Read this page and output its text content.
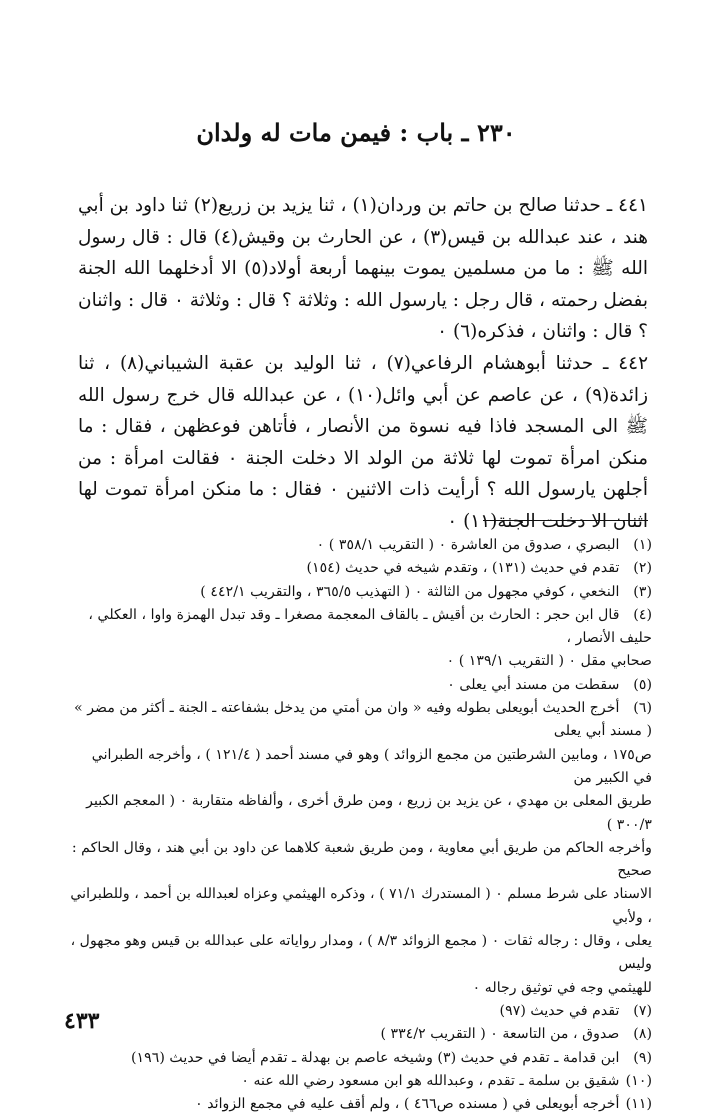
٢٣٠ ـ باب : فيمن مات له ولدان

٤٤١ ـ حدثنا صالح بن حاتم بن وردان(١) ، ثنا يزيد بن زريع(٢) ثنا داود بن أبي هند ، عند عبدالله بن قيس(٣) ، عن الحارث بن وقيش(٤) قال : قال رسول الله ﷺ : ما من مسلمين يموت بينهما أربعة أولاد(٥) الا أدخلهما الله الجنة بفضل رحمته ، قال رجل : يارسول الله : وثلاثة ؟ قال : وثلاثة ٠ قال : واثنان ؟ قال : واثنان ، فذكره(٦) ٠

٤٤٢ ـ حدثنا أبوهشام الرفاعي(٧) ، ثنا الوليد بن عقبة الشيباني(٨) ، ثنا زائدة(٩) ، عن عاصم عن أبي وائل(١٠) ، عن عبدالله قال خرج رسول الله ﷺ الى المسجد فاذا فيه نسوة من الأنصار ، فأتاهن فوعظهن ، فقال : ما منكن امرأة تموت لها ثلاثة من الولد الا دخلت الجنة ٠ فقالت امرأة : من أجلهن يارسول الله ؟ أرأيت ذات الاثنين ٠ فقال : ما منكن امرأة تموت لها اثنان الا دخلت الجنة(١١) ٠

(١) البصري ، صدوق من العاشرة ٠ ( التقريب ٣٥٨/١ ) ٠
(٢) تقدم في حديث (١٣١) ، وتقدم شيخه في حديث (١٥٤)
(٣) النخعي ، كوفي مجهول من الثالثة ٠ ( التهذيب ٣٦٥/٥ ، والتقريب ٤٤٢/١ )
(٤) قال ابن حجر : الحارث بن أقيش ـ بالقاف المعجمة مصغرا ـ وقد تبدل الهمزة واوا ، العكلي ، حليف الأنصار ،
صحابي مقل ٠ ( التقريب ١٣٩/١ ) ٠
(٥) سقطت من مسند أبي يعلى ٠
(٦) أخرج الحديث أبويعلى بطوله وفيه « وان من أمتي من يدخل بشفاعته ـ الجنة ـ أكثر من مضر » ( مسند أبي يعلى
ص١٧٥ ، ومابين الشرطتين من مجمع الزوائد ) وهو في مسند أحمد ( ١٢١/٤ ) ، وأخرجه الطبراني في الكبير من
طريق المعلى بن مهدي ، عن يزيد بن زريع ، ومن طرق أخرى ، وألفاظه متقاربة ٠ ( المعجم الكبير ٣٠٠/٣ )
وأخرجه الحاكم من طريق أبي معاوية ، ومن طريق شعبة كلاهما عن داود بن أبي هند ، وقال الحاكم : صحيح
الاسناد على شرط مسلم ٠ ( المستدرك ٧١/١ ) ، وذكره الهيثمي وعزاه لعبدالله بن أحمد ، وللطبراني ، ولأبي
يعلى ، وقال : رجاله ثقات ٠ ( مجمع الزوائد ٨/٣ ) ، ومدار رواياته على عبدالله بن قيس وهو مجهول ، وليس
للهيثمي وجه في توثيق رجاله ٠
(٧) تقدم في حديث (٩٧)
(٨) صدوق ، من التاسعة ٠ ( التقريب ٣٣٤/٢ )
(٩) ابن قدامة ـ تقدم في حديث (٣) وشيخه عاصم بن بهدلة ـ تقدم أيضا في حديث (١٩٦)
(١٠) شقيق بن سلمة ـ تقدم ، وعبدالله هو ابن مسعود رضي الله عنه ٠
(١١) أخرجه أبويعلى في ( مسنده ص٤٦٦ ) ، ولم أقف عليه في مجمع الزوائد ٠
٤٣٣
